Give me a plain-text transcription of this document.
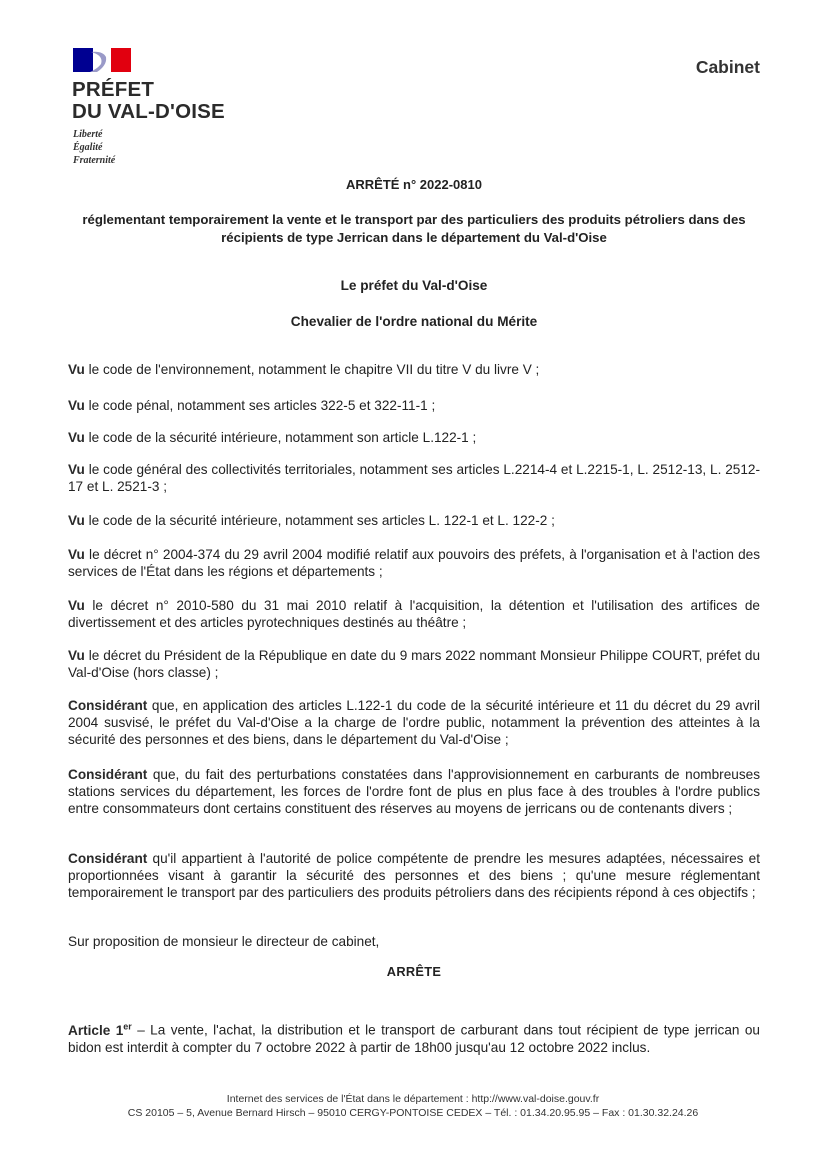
PRÉFET
DU VAL-D'OISE
Liberté
Égalité
Fraternité
Cabinet
ARRÊTÉ n° 2022-0810
réglementant temporairement la vente et le transport par des particuliers des produits pétroliers dans des récipients de type Jerrican dans le département du Val-d'Oise
Le préfet du Val-d'Oise
Chevalier de l'ordre national du Mérite
Vu le code de l'environnement, notamment le chapitre VII du titre V du livre V ;
Vu le code pénal, notamment ses articles 322-5 et 322-11-1 ;
Vu le code de la sécurité intérieure, notamment son article L.122-1 ;
Vu le code général des collectivités territoriales, notamment ses articles L.2214-4 et L.2215-1, L. 2512-13, L. 2512-17 et L. 2521-3 ;
Vu le code de la sécurité intérieure, notamment ses articles L. 122-1 et L. 122-2 ;
Vu le décret n° 2004-374 du 29 avril 2004 modifié relatif aux pouvoirs des préfets, à l'organisation et à l'action des services de l'État dans les régions et départements ;
Vu le décret n° 2010-580 du 31 mai 2010 relatif à l'acquisition, la détention et l'utilisation des artifices de divertissement et des articles pyrotechniques destinés au théâtre ;
Vu le décret du Président de la République en date du 9 mars 2022 nommant Monsieur Philippe COURT, préfet du Val-d'Oise (hors classe) ;
Considérant que, en application des articles L.122-1 du code de la sécurité intérieure et 11 du décret du 29 avril 2004 susvisé, le préfet du Val-d'Oise a la charge de l'ordre public, notamment la prévention des atteintes à la sécurité des personnes et des biens, dans le département du Val-d'Oise ;
Considérant que, du fait des perturbations constatées dans l'approvisionnement en carburants de nombreuses stations services du département, les forces de l'ordre font de plus en plus face à des troubles à l'ordre publics entre consommateurs dont certains constituent des réserves au moyens de jerricans ou de contenants divers ;
Considérant qu'il appartient à l'autorité de police compétente de prendre les mesures adaptées, nécessaires et proportionnées visant à garantir la sécurité des personnes et des biens ; qu'une mesure réglementant temporairement le transport par des particuliers des produits pétroliers dans des récipients répond à ces objectifs ;
Sur proposition de monsieur le directeur de cabinet,
ARRÊTE
Article 1er – La vente, l'achat, la distribution et le transport de carburant dans tout récipient de type jerrican ou bidon est interdit à compter du 7 octobre 2022 à partir de 18h00 jusqu'au 12 octobre 2022 inclus.
Internet des services de l'État dans le département : http://www.val-doise.gouv.fr
CS 20105 – 5, Avenue Bernard Hirsch – 95010 CERGY-PONTOISE CEDEX – Tél. : 01.34.20.95.95 – Fax : 01.30.32.24.26
